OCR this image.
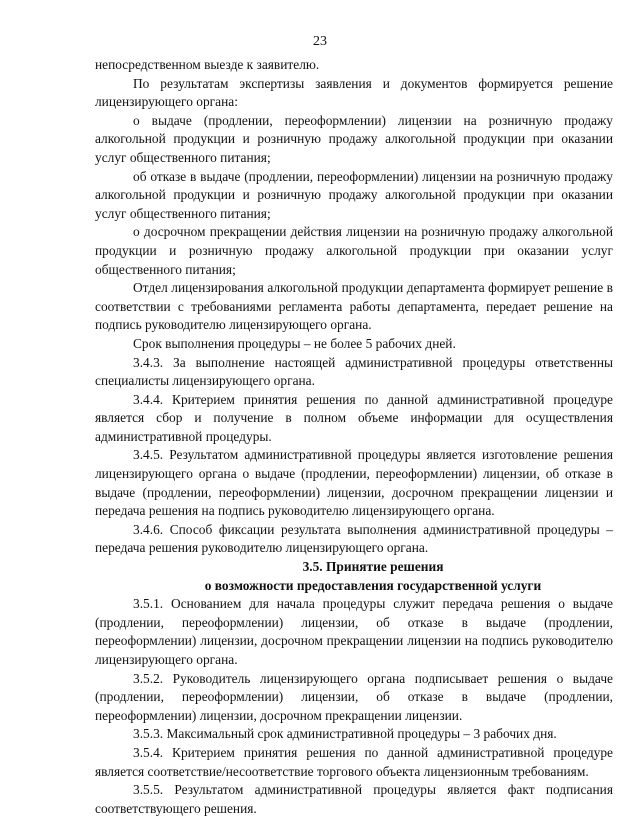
23

непосредственном выезде к заявителю.

По результатам экспертизы заявления и документов формируется решение лицензирующего органа:

о выдаче (продлении, переоформлении) лицензии на розничную продажу алкогольной продукции и розничную продажу алкогольной продукции при оказании услуг общественного питания;

об отказе в выдаче (продлении, переоформлении) лицензии на розничную продажу алкогольной продукции и розничную продажу алкогольной продукции при оказании услуг общественного питания;

о досрочном прекращении действия лицензии на розничную продажу алкогольной продукции и розничную продажу алкогольной продукции при оказании услуг общественного питания;

Отдел лицензирования алкогольной продукции департамента формирует решение в соответствии с требованиями регламента работы департамента, передает решение на подпись руководителю лицензирующего органа.

Срок выполнения процедуры – не более 5 рабочих дней.

3.4.3. За выполнение настоящей административной процедуры ответственны специалисты лицензирующего органа.

3.4.4. Критерием принятия решения по данной административной процедуре является сбор и получение в полном объеме информации для осуществления административной процедуры.

3.4.5. Результатом административной процедуры является изготовление решения лицензирующего органа о выдаче (продлении, переоформлении) лицензии, об отказе в выдаче (продлении, переоформлении) лицензии, досрочном прекращении лицензии и передача решения на подпись руководителю лицензирующего органа.

3.4.6. Способ фиксации результата выполнения административной процедуры – передача решения руководителю лицензирующего органа.

3.5. Принятие решения

о возможности предоставления государственной услуги

3.5.1. Основанием для начала процедуры служит передача решения о выдаче (продлении, переоформлении) лицензии, об отказе в выдаче (продлении, переоформлении) лицензии, досрочном прекращении лицензии на подпись руководителю лицензирующего органа.

3.5.2. Руководитель лицензирующего органа подписывает решения о выдаче (продлении, переоформлении) лицензии, об отказе в выдаче (продлении, переоформлении) лицензии, досрочном прекращении лицензии.

3.5.3. Максимальный срок административной процедуры – 3 рабочих дня.

3.5.4. Критерием принятия решения по данной административной процедуре является соответствие/несоответствие торгового объекта лицензионным требованиям.

3.5.5. Результатом административной процедуры является факт подписания соответствующего решения.
